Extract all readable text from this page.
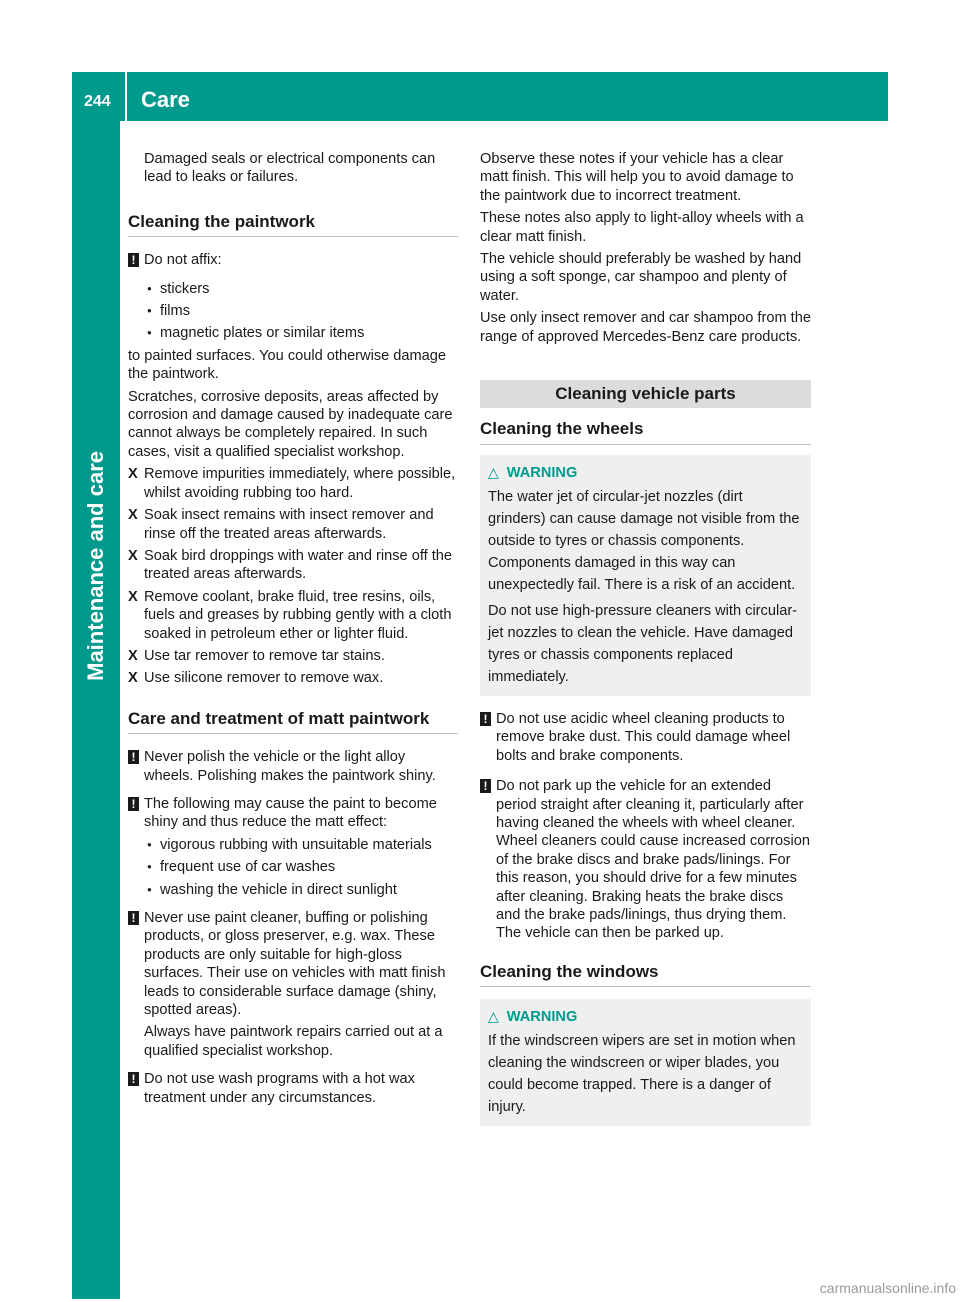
244 Care
Maintenance and care

Damaged seals or electrical components can lead to leaks or failures.

Cleaning the paintwork
! Do not affix:
● stickers
● films
● magnetic plates or similar items

to painted surfaces. You could otherwise damage the paintwork.

Scratches, corrosive deposits, areas affected by corrosion and damage caused by inadequate care cannot always be completely repaired. In such cases, visit a qualified specialist workshop.

X Remove impurities immediately, where possible, whilst avoiding rubbing too hard.
X Soak insect remains with insect remover and rinse off the treated areas afterwards.
X Soak bird droppings with water and rinse off the treated areas afterwards.
X Remove coolant, brake fluid, tree resins, oils, fuels and greases by rubbing gently with a cloth soaked in petroleum ether or lighter fluid.
X Use tar remover to remove tar stains.
X Use silicone remover to remove wax.
Care and treatment of matt paintwork
! Never polish the vehicle or the light alloy wheels. Polishing makes the paintwork shiny.
! The following may cause the paint to become shiny and thus reduce the matt effect:
● vigorous rubbing with unsuitable materials
● frequent use of car washes
● washing the vehicle in direct sunlight
! Never use paint cleaner, buffing or polishing products, or gloss preserver, e.g. wax. These products are only suitable for high-gloss surfaces. Their use on vehicles with matt finish leads to considerable surface damage (shiny, spotted areas).
Always have paintwork repairs carried out at a qualified specialist workshop.
! Do not use wash programs with a hot wax treatment under any circumstances.

Observe these notes if your vehicle has a clear matt finish. This will help you to avoid damage to the paintwork due to incorrect treatment.

These notes also apply to light-alloy wheels with a clear matt finish.

The vehicle should preferably be washed by hand using a soft sponge, car shampoo and plenty of water.

Use only insect remover and car shampoo from the range of approved Mercedes-Benz care products.

Cleaning vehicle parts
Cleaning the wheels
△ WARNING
The water jet of circular-jet nozzles (dirt grinders) can cause damage not visible from the outside to tyres or chassis components. Components damaged in this way can unexpectedly fail. There is a risk of an accident.
Do not use high-pressure cleaners with circular-jet nozzles to clean the vehicle. Have damaged tyres or chassis components replaced immediately.
! Do not use acidic wheel cleaning products to remove brake dust. This could damage wheel bolts and brake components.
! Do not park up the vehicle for an extended period straight after cleaning it, particularly after having cleaned the wheels with wheel cleaner. Wheel cleaners could cause increased corrosion of the brake discs and brake pads/linings. For this reason, you should drive for a few minutes after cleaning. Braking heats the brake discs and the brake pads/linings, thus drying them. The vehicle can then be parked up.
Cleaning the windows
△ WARNING
If the windscreen wipers are set in motion when cleaning the windscreen or wiper blades, you could become trapped. There is a danger of injury.
carmanualsonline.info
